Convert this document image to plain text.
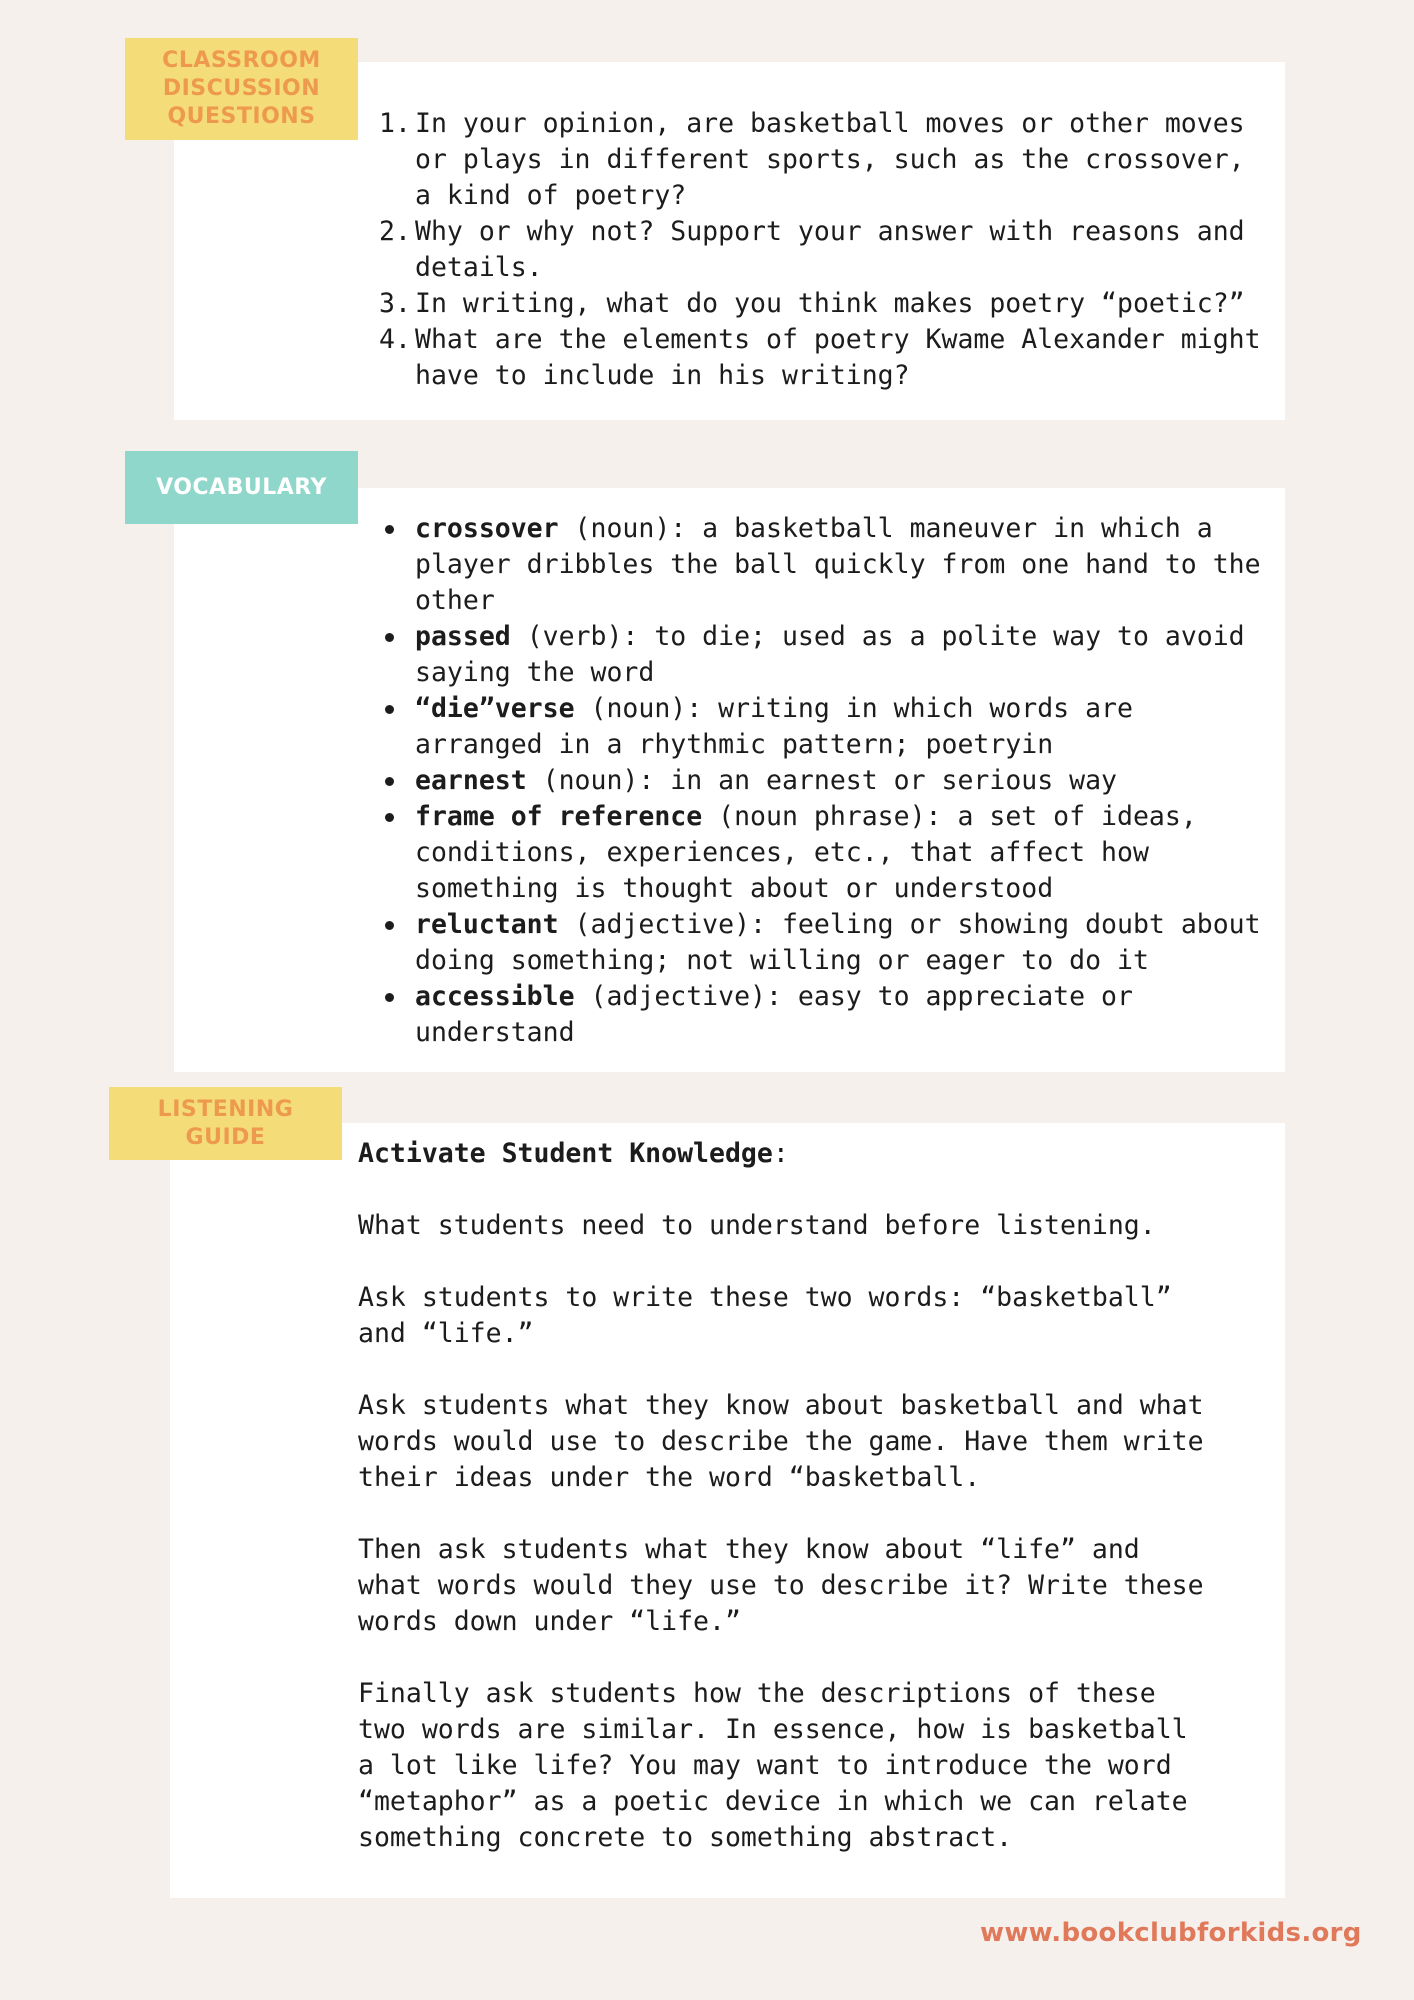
CLASSROOM
DISCUSSION
QUESTIONS 1. In your opinion, are basketball moves or other moves or plays in different sports, such as the crossover, a kind of poetry?
2. Why or why not? Support your answer with reasons and details.
3. In writing, what do you think makes poetry “poetic?”
4. What are the elements of poetry Kwame Alexander might have to include in his writing?
VOCABULARY
crossover (noun): a basketball maneuver in which a player dribbles the ball quickly from one hand to the other
passed (verb): to die; used as a polite way to avoid saying the word
“die”verse (noun): writing in which words are arranged in a rhythmic pattern; poetryin
earnest (noun): in an earnest or serious way
frame of reference (noun phrase): a set of ideas, conditions, experiences, etc., that affect how something is thought about or understood
reluctant (adjective): feeling or showing doubt about doing something; not willing or eager to do it
accessible (adjective): easy to appreciate or understand
LISTENING
GUIDE

Activate Student Knowledge:

What students need to understand before listening.

Ask students to write these two words: “basketball” and “life.”

Ask students what they know about basketball and what words would use to describe the game. Have them write their ideas under the word “basketball.

Then ask students what they know about “life” and what words would they use to describe it? Write these words down under “life.”

Finally ask students how the descriptions of these two words are similar. In essence, how is basketball a lot like life? You may want to introduce the word “metaphor” as a poetic device in which we can relate something concrete to something abstract.

www.bookclubforkids.org
